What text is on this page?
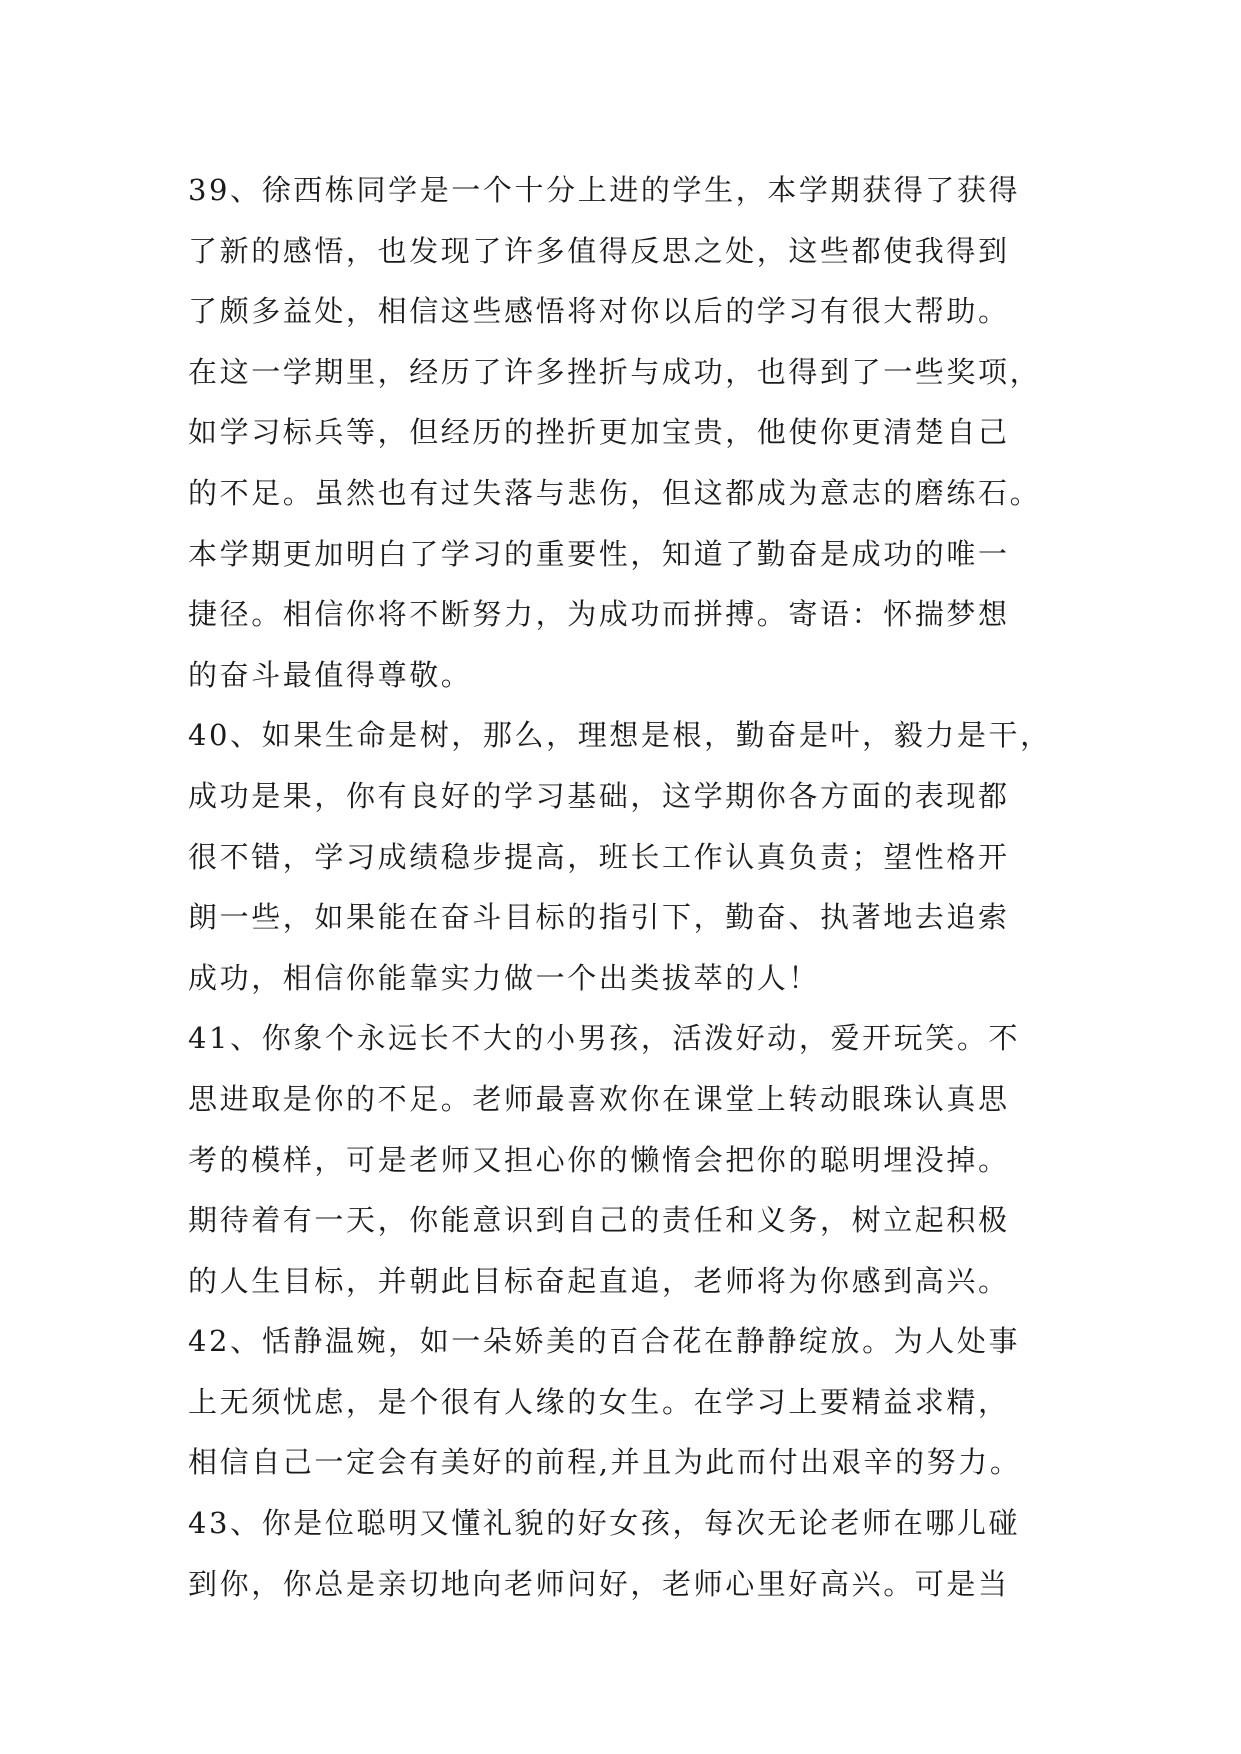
39、徐西栋同学是一个十分上进的学生，本学期获得了获得
了新的感悟，也发现了许多值得反思之处，这些都使我得到
了颇多益处，相信这些感悟将对你以后的学习有很大帮助。
在这一学期里，经历了许多挫折与成功，也得到了一些奖项，
如学习标兵等，但经历的挫折更加宝贵，他使你更清楚自己
的不足。虽然也有过失落与悲伤，但这都成为意志的磨练石。
本学期更加明白了学习的重要性，知道了勤奋是成功的唯一
捷径。相信你将不断努力，为成功而拼搏。寄语：怀揣梦想
的奋斗最值得尊敬。
40、如果生命是树，那么，理想是根，勤奋是叶，毅力是干，
成功是果，你有良好的学习基础，这学期你各方面的表现都
很不错，学习成绩稳步提高，班长工作认真负责；望性格开
朗一些，如果能在奋斗目标的指引下，勤奋、执著地去追索
成功，相信你能靠实力做一个出类拔萃的人！
41、你象个永远长不大的小男孩，活泼好动，爱开玩笑。不
思进取是你的不足。老师最喜欢你在课堂上转动眼珠认真思
考的模样，可是老师又担心你的懒惰会把你的聪明埋没掉。
期待着有一天，你能意识到自己的责任和义务，树立起积极
的人生目标，并朝此目标奋起直追，老师将为你感到高兴。
42、恬静温婉，如一朵娇美的百合花在静静绽放。为人处事
上无须忧虑，是个很有人缘的女生。在学习上要精益求精，
相信自己一定会有美好的前程,并且为此而付出艰辛的努力。
43、你是位聪明又懂礼貌的好女孩，每次无论老师在哪儿碰
到你，你总是亲切地向老师问好，老师心里好高兴。可是当
